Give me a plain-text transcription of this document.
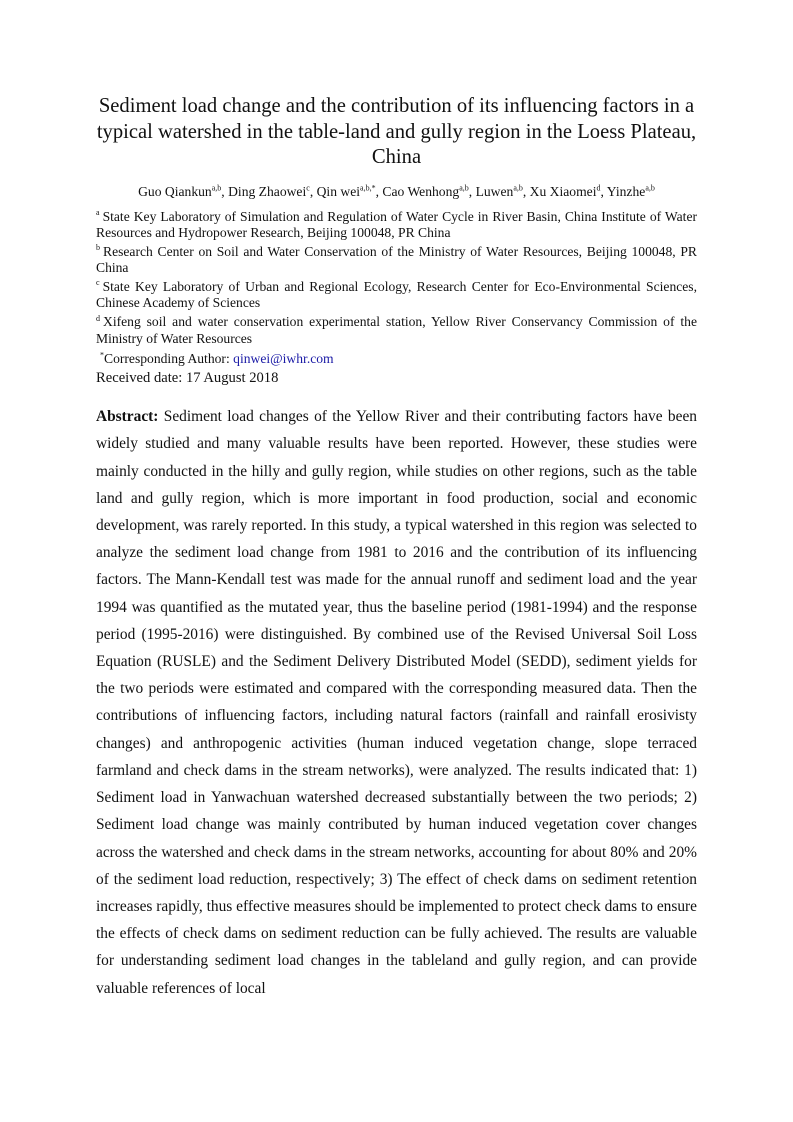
Sediment load change and the contribution of its influencing factors in a typical watershed in the table-land and gully region in the Loess Plateau, China

Guo Qiankun$^{a,b}$, Ding Zhaowei$^c$, Qin wei$^{a,b,*}$, Cao Wenhong$^{a,b}$, Luwen$^{a,b}$, Xu Xiaomei$^d$, Yinzhe$^{a,b}$

$^a$ State Key Laboratory of Simulation and Regulation of Water Cycle in River Basin, China Institute of Water Resources and Hydropower Research, Beijing 100048, PR China

$^b$ Research Center on Soil and Water Conservation of the Ministry of Water Resources, Beijing 100048, PR China

$^c$ State Key Laboratory of Urban and Regional Ecology, Research Center for Eco-Environmental Sciences, Chinese Academy of Sciences

$^d$ Xifeng soil and water conservation experimental station, Yellow River Conservancy Commission of the Ministry of Water Resources

*Corresponding Author: qinwei@iwhr.com

Received date: 17 August 2018

Abstract: Sediment load changes of the Yellow River and their contributing factors have been widely studied and many valuable results have been reported. However, these studies were mainly conducted in the hilly and gully region, while studies on other regions, such as the table land and gully region, which is more important in food production, social and economic development, was rarely reported. In this study, a typical watershed in this region was selected to analyze the sediment load change from 1981 to 2016 and the contribution of its influencing factors. The Mann-Kendall test was made for the annual runoff and sediment load and the year 1994 was quantified as the mutated year, thus the baseline period (1981-1994) and the response period (1995-2016) were distinguished. By combined use of the Revised Universal Soil Loss Equation (RUSLE) and the Sediment Delivery Distributed Model (SEDD), sediment yields for the two periods were estimated and compared with the corresponding measured data. Then the contributions of influencing factors, including natural factors (rainfall and rainfall erosivisty changes) and anthropogenic activities (human induced vegetation change, slope terraced farmland and check dams in the stream networks), were analyzed. The results indicated that: 1) Sediment load in Yanwachuan watershed decreased substantially between the two periods; 2) Sediment load change was mainly contributed by human induced vegetation cover changes across the watershed and check dams in the stream networks, accounting for about 80% and 20% of the sediment load reduction, respectively; 3) The effect of check dams on sediment retention increases rapidly, thus effective measures should be implemented to protect check dams to ensure the effects of check dams on sediment reduction can be fully achieved. The results are valuable for understanding sediment load changes in the tableland and gully region, and can provide valuable references of local
